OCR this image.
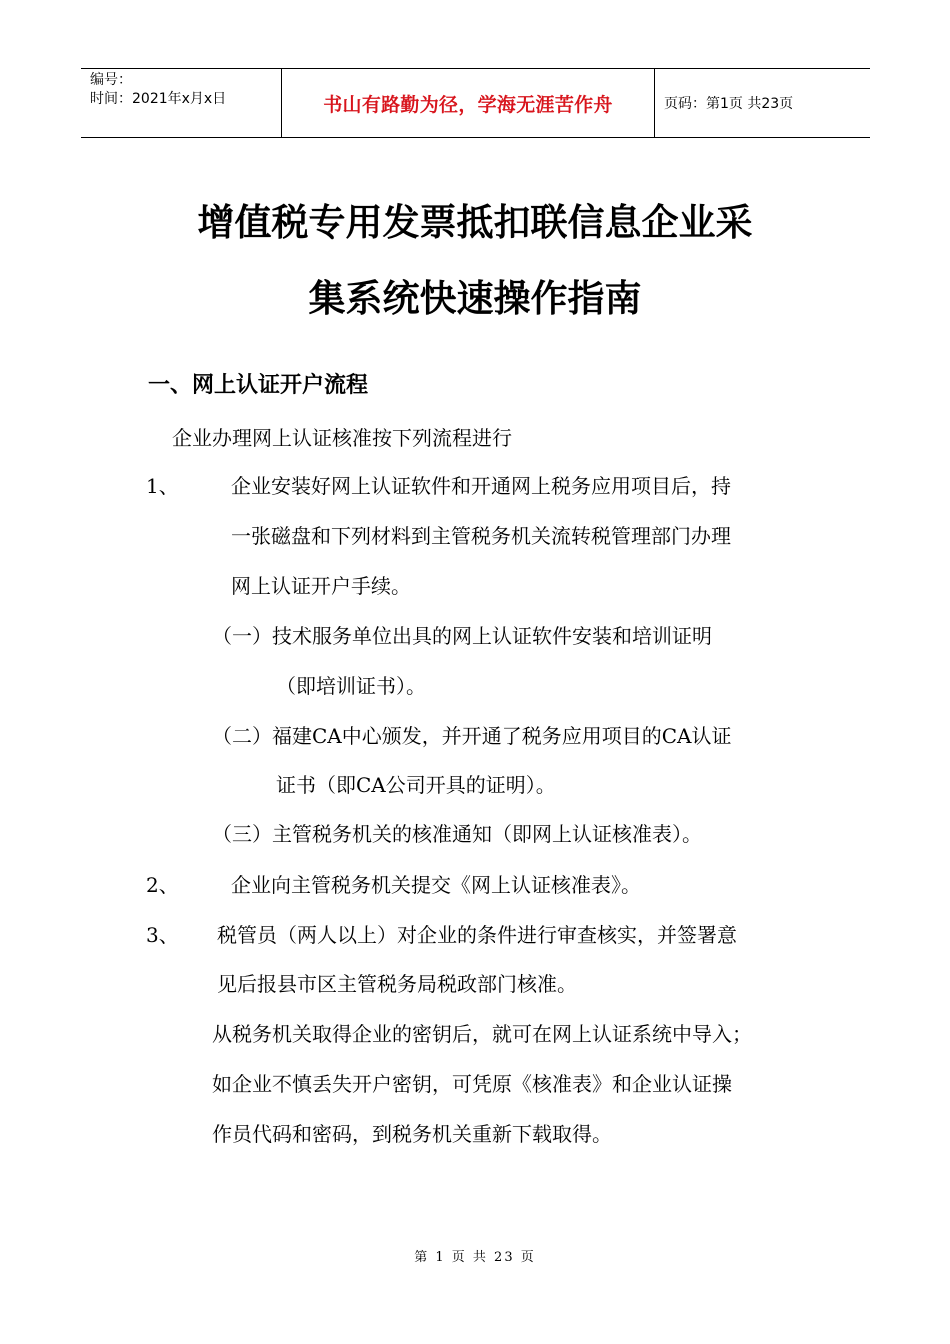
编号：
时间：2021年x月x日	书山有路勤为径，学海无涯苦作舟	页码：第1页 共23页
增值税专用发票抵扣联信息企业采
集系统快速操作指南
一、网上认证开户流程
企业办理网上认证核准按下列流程进行
1、	企业安装好网上认证软件和开通网上税务应用项目后，持
一张磁盘和下列材料到主管税务机关流转税管理部门办理
网上认证开户手续。
（一）技术服务单位出具的网上认证软件安装和培训证明
（即培训证书）。
（二）福建CA中心颁发，并开通了税务应用项目的CA认证
证书（即CA公司开具的证明）。
（三）主管税务机关的核准通知（即网上认证核准表）。
2、	企业向主管税务机关提交《网上认证核准表》。
3、 税管员（两人以上）对企业的条件进行审查核实，并签署意
见后报县市区主管税务局税政部门核准。
从税务机关取得企业的密钥后，就可在网上认证系统中导入；
如企业不慎丢失开户密钥，可凭原《核准表》和企业认证操
作员代码和密码，到税务机关重新下载取得。
第 1 页 共 23 页
